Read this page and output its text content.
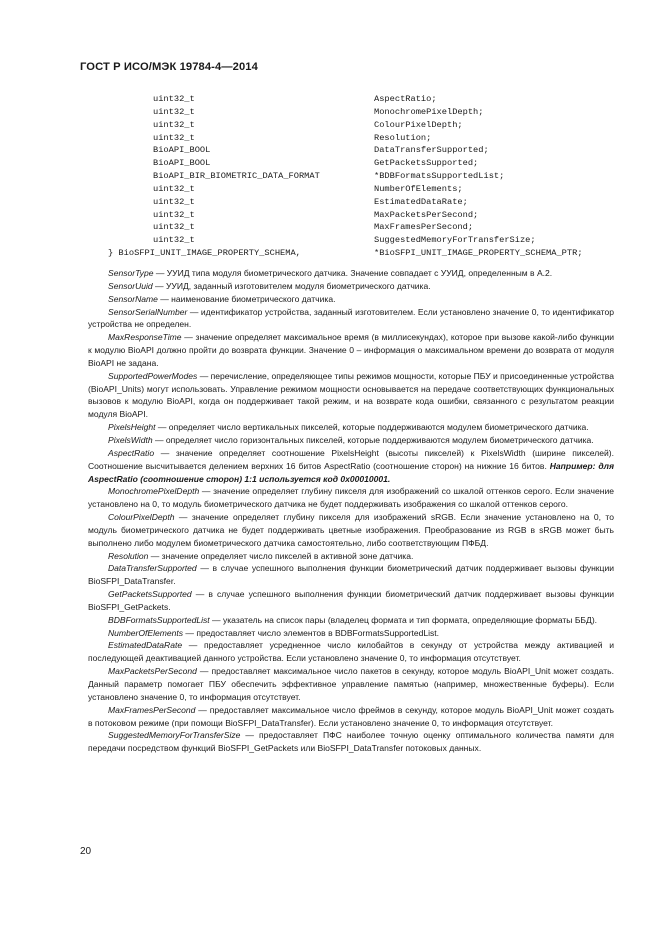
ГОСТ Р ИСО/МЭК 19784-4—2014
uint32_t	AspectRatio;
uint32_t	MonochromePixelDepth;
uint32_t	ColourPixelDepth;
uint32_t	Resolution;
BioAPI_BOOL	DataTransferSupported;
BioAPI_BOOL	GetPacketsSupported;
BioAPI_BIR_BIOMETRIC_DATA_FORMAT	*BDBFormatsSupportedList;
uint32_t	NumberOfElements;
uint32_t	EstimatedDataRate;
uint32_t	MaxPacketsPerSecond;
uint32_t	MaxFramesPerSecond;
uint32_t	SuggestedMemoryForTransferSize;
} BioSFPI_UNIT_IMAGE_PROPERTY_SCHEMA,	*BioSFPI_UNIT_IMAGE_PROPERTY_SCHEMA_PTR;

SensorType — УУИД типа модуля биометрического датчика. Значение совпадает с УУИД, определенным в А.2.

SensorUuid — УУИД, заданный изготовителем модуля биометрического датчика.

SensorName — наименование биометрического датчика.

SensorSerialNumber — идентификатор устройства, заданный изготовителем. Если установлено значение 0, то идентификатор устройства не определен.

MaxResponseTime — значение определяет максимальное время (в миллисекундах), которое при вызове какой-либо функции к модулю BioAPI должно пройти до возврата функции. Значение 0 – информация о максимальном времени до возврата от модуля BioAPI не задана.

SupportedPowerModes — перечисление, определяющее типы режимов мощности, которые ПБУ и присоединенные устройства (BioAPI_Units) могут использовать. Управление режимом мощности основывается на передаче соответствующих функциональных вызовов к модулю BioAPI, когда он поддерживает такой режим, и на возврате кода ошибки, связанного с результатом реакции модуля BioAPI.

PixelsHeight — определяет число вертикальных пикселей, которые поддерживаются модулем биометрического датчика.

PixelsWidth — определяет число горизонтальных пикселей, которые поддерживаются модулем биометрического датчика.

AspectRatio — значение определяет соотношение PixelsHeight (высоты пикселей) к PixelsWidth (ширине пикселей). Соотношение высчитывается делением верхних 16 битов AspectRatio (соотношение сторон) на нижние 16 битов. Например: для AspectRatio (соотношение сторон) 1:1 используется код 0x00010001.

MonochromePixelDepth — значение определяет глубину пикселя для изображений со шкалой оттенков серого. Если значение установлено на 0, то модуль биометрического датчика не будет поддерживать изображения со шкалой оттенков серого.

ColourPixelDepth — значение определяет глубину пикселя для изображений sRGB. Если значение установлено на 0, то модуль биометрического датчика не будет поддерживать цветные изображения. Преобразование из RGB в sRGB может быть выполнено либо модулем биометрического датчика самостоятельно, либо соответствующим ПФБД.

Resolution — значение определяет число пикселей в активной зоне датчика.

DataTransferSupported — в случае успешного выполнения функции биометрический датчик поддерживает вызовы функции BioSFPI_DataTransfer.

GetPacketsSupported — в случае успешного выполнения функции биометрический датчик поддерживает вызовы функции BioSFPI_GetPackets.

BDBFormatsSupportedList — указатель на список пары (владелец формата и тип формата, определяющие форматы ББД).

NumberOfElements — предоставляет число элементов в BDBFormatsSupportedList.

EstimatedDataRate — предоставляет усредненное число килобайтов в секунду от устройства между активацией и последующей деактивацией данного устройства. Если установлено значение 0, то информация отсутствует.

MaxPacketsPerSecond — предоставляет максимальное число пакетов в секунду, которое модуль BioAPI_Unit может создать. Данный параметр помогает ПБУ обеспечить эффективное управление памятью (например, множественные буферы). Если установлено значение 0, то информация отсутствует.

MaxFramesPerSecond — предоставляет максимальное число фреймов в секунду, которое модуль BioAPI_Unit может создать в потоковом режиме (при помощи BioSFPI_DataTransfer). Если установлено значение 0, то информация отсутствует.

SuggestedMemoryForTransferSize — предоставляет ПФС наиболее точную оценку оптимального количества памяти для передачи посредством функций BioSFPI_GetPackets или BioSFPI_DataTransfer потоковых данных.

20
